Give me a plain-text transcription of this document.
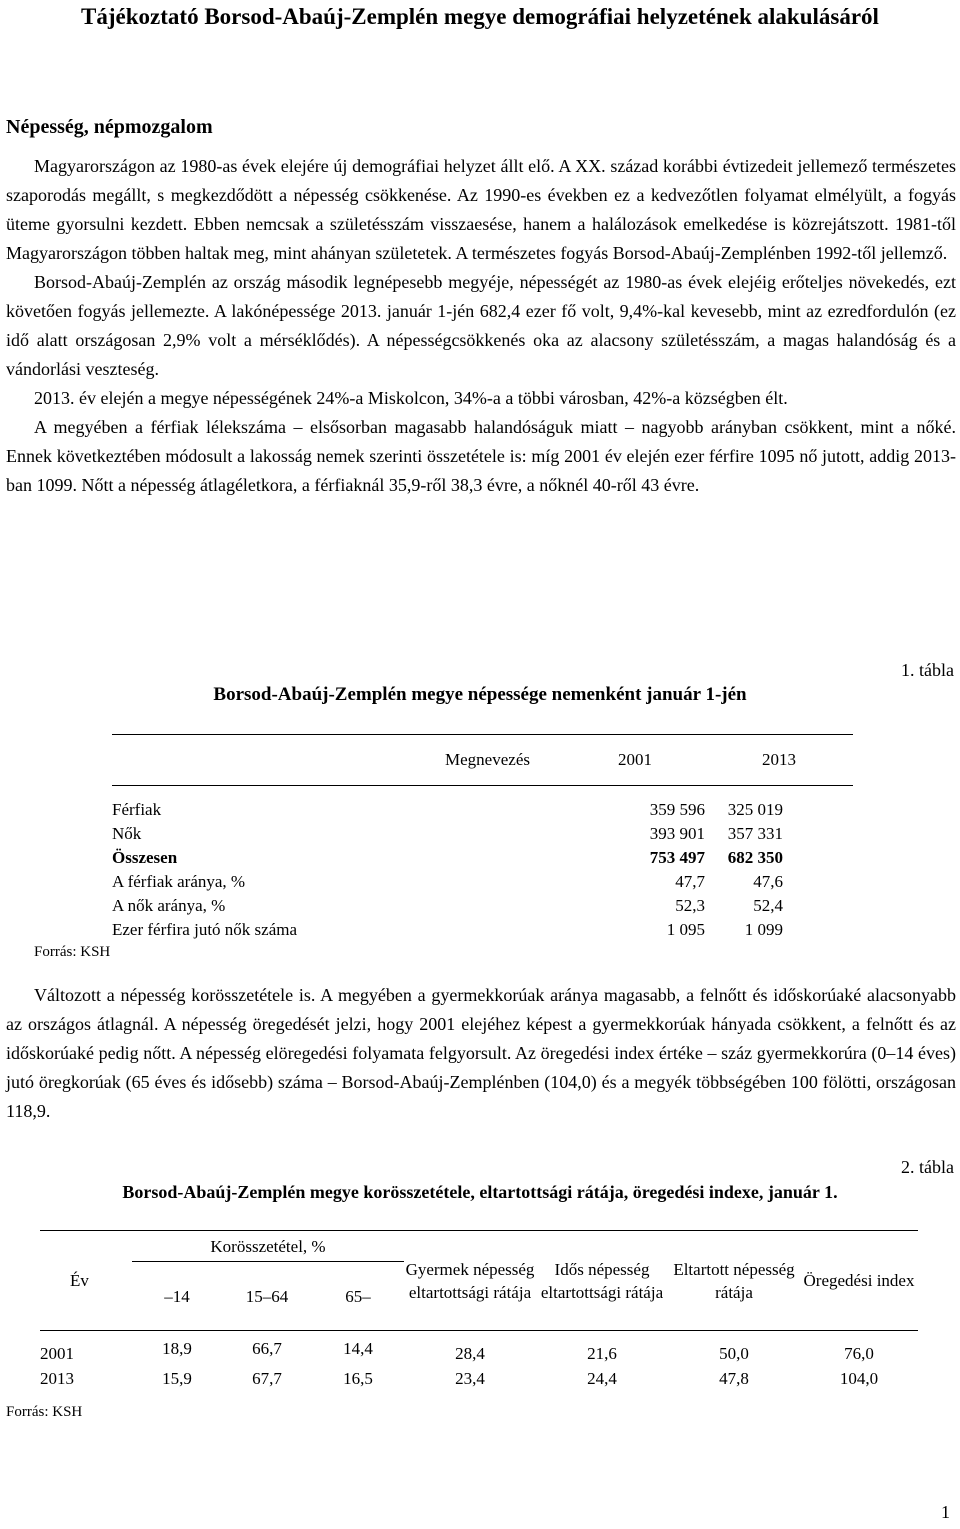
Tájékoztató Borsod-Abaúj-Zemplén megye demográfiai helyzetének alakulásáról
Népesség, népmozgalom

Magyarországon az 1980-as évek elejére új demográfiai helyzet állt elő. A XX. század korábbi évtizedeit jellemező természetes szaporodás megállt, s megkezdődött a népesség csökkenése. Az 1990-es években ez a kedvezőtlen folyamat elmélyült, a fogyás üteme gyorsulni kezdett. Ebben nemcsak a születésszám visszaesése, hanem a halálozások emelkedése is közrejátszott. 1981-től Magyarországon többen haltak meg, mint ahányan születetek. A természetes fogyás Borsod-Abaúj-Zemplénben 1992-től jellemző.

Borsod-Abaúj-Zemplén az ország második legnépesebb megyéje, népességét az 1980-as évek elejéig erőteljes növekedés, ezt követően fogyás jellemezte. A lakónépessége 2013. január 1-jén 682,4 ezer fő volt, 9,4%-kal kevesebb, mint az ezredfordulón (ez idő alatt országosan 2,9% volt a mérséklődés). A népességcsökkenés oka az alacsony születésszám, a magas halandóság és a vándorlási veszteség.

2013. év elején a megye népességének 24%-a Miskolcon, 34%-a a többi városban, 42%-a községben élt.

A megyében a férfiak lélekszáma – elsősorban magasabb halandóságuk miatt – nagyobb arányban csökkent, mint a nőké. Ennek következtében módosult a lakosság nemek szerinti összetétele is: míg 2001 év elején ezer férfire 1095 nő jutott, addig 2013-ban 1099. Nőtt a népesség átlagéletkora, a férfiaknál 35,9-ről 38,3 évre, a nőknél 40-ről 43 évre.

1. tábla
Borsod-Abaúj-Zemplén megye népessége nemenként január 1-jén
	Megnevezés	2001	2013

Férfiak		359 596	325 019
Nők		393 901	357 331
Összesen		753 497	682 350
A férfiak aránya, %		47,7	47,6
A nők aránya, %		52,3	52,4
Ezer férfira jutó nők száma		1 095	1 099
Forrás: KSH

Változott a népesség korösszetétele is. A megyében a gyermekkorúak aránya magasabb, a felnőtt és időskorúaké alacsonyabb az országos átlagnál. A népesség öregedését jelzi, hogy 2001 elejéhez képest a gyermekkorúak hányada csökkent, a felnőtt és az időskorúaké pedig nőtt. A népesség elöregedési folyamata felgyorsult. Az öregedési index értéke – száz gyermekkorúra (0–14 éves) jutó öregkorúak (65 éves és idősebb) száma – Borsod-Abaúj-Zemplénben (104,0) és a megyék többségében 100 fölötti, országosan 118,9.

2. tábla
Borsod-Abaúj-Zemplén megye korösszetétele, eltartottsági rátája, öregedési indexe, január 1.
Év	Korösszetétel, %			Gyermek népesség eltartottsági rátája	Idős népesség eltartottsági rátája	Eltartott népesség rátája	Öregedési index
	–14	15–64	65–				
2001	18,9	66,7	14,4	28,4	21,6	50,0	76,0
2013	15,9	67,7	16,5	23,4	24,4	47,8	104,0
Forrás: KSH
1
